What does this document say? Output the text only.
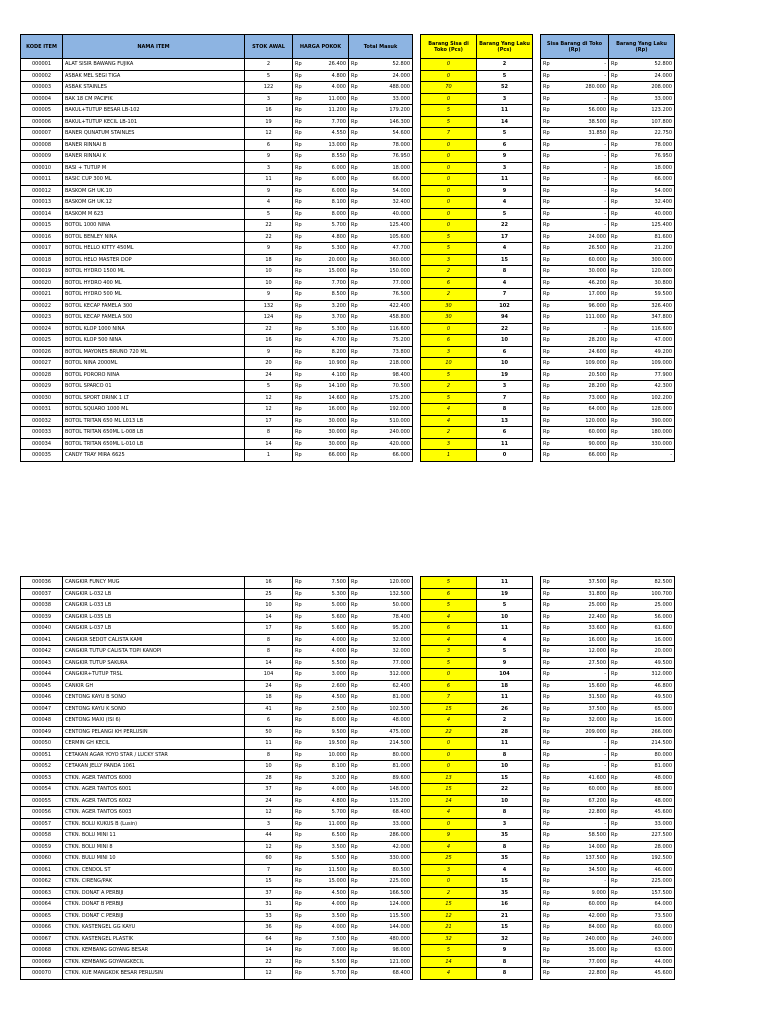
KODE ITEM	NAMA ITEM	STOK AWAL	HARGA POKOK		Total Masuk			Barang Sisa di Toko (Pcs)	Barang Yang Laku (Pcs)		Sisa Barang di Toko (Rp)		Barang Yang Laku (Rp)	
000001	ALAT SISIR BAWANG FUJIKA	2	Rp	26.400	Rp	52.800		0	2		Rp	-	Rp	52.800
000002	ASBAK MEL SEGI TIGA	5	Rp	4.800	Rp	24.000		0	5		Rp	-	Rp	24.000
000003	ASBAK STAINLES	122	Rp	4.000	Rp	488.000		70	52		Rp	280.000	Rp	208.000
000004	BAK 18 CM PACIFIK	3	Rp	11.000	Rp	33.000		0	3		Rp	-	Rp	33.000
000005	BAKUL+TUTUP BESAR LB-102	16	Rp	11.200	Rp	179.200		5	11		Rp	56.000	Rp	123.200
000006	BAKUL+TUTUP KECIL LB-101	19	Rp	7.700	Rp	146.300		5	14		Rp	38.500	Rp	107.800
000007	BANER QUNATUM STAINLES	12	Rp	4.550	Rp	54.600		7	5		Rp	31.850	Rp	22.750
000008	BANER RINNAI B	6	Rp	13.000	Rp	78.000		0	6		Rp	-	Rp	78.000
000009	BANER RINNAI K	9	Rp	8.550	Rp	76.950		0	9		Rp	-	Rp	76.950
000010	BASI + TUTUP M	3	Rp	6.000	Rp	18.000		0	3		Rp	-	Rp	18.000
000011	BASIC CUP 300 ML	11	Rp	6.000	Rp	66.000		0	11		Rp	-	Rp	66.000
000012	BASKOM GH UK.10	9	Rp	6.000	Rp	54.000		0	9		Rp	-	Rp	54.000
000013	BASKOM GH UK.12	4	Rp	8.100	Rp	32.400		0	4		Rp	-	Rp	32.400
000014	BASKOM M 623	5	Rp	8.000	Rp	40.000		0	5		Rp	-	Rp	40.000
000015	BOTOL 1000 NINA	22	Rp	5.700	Rp	125.400		0	22		Rp	-	Rp	125.400
000016	BOTOL BENLEY NINA	22	Rp	4.800	Rp	105.600		5	17		Rp	24.000	Rp	81.600
000017	BOTOL HELLO KITTY 450ML	9	Rp	5.300	Rp	47.700		5	4		Rp	26.500	Rp	21.200
000018	BOTOL HELO MASTER DOP	18	Rp	20.000	Rp	360.000		3	15		Rp	60.000	Rp	300.000
000019	BOTOL HYDRO 1500 ML	10	Rp	15.000	Rp	150.000		2	8		Rp	30.000	Rp	120.000
000020	BOTOL HYDRO 400 ML	10	Rp	7.700	Rp	77.000		6	4		Rp	46.200	Rp	30.800
000021	BOTOL HYDRO 500 ML	9	Rp	8.500	Rp	76.500		2	7		Rp	17.000	Rp	59.500
000022	BOTOL KECAP FAMELA 300	132	Rp	3.200	Rp	422.400		30	102		Rp	96.000	Rp	326.400
000023	BOTOL KECAP FAMELA 500	124	Rp	3.700	Rp	458.800		30	94		Rp	111.000	Rp	347.800
000024	BOTOL KLOP 1000 NINA	22	Rp	5.300	Rp	116.600		0	22		Rp	-	Rp	116.600
000025	BOTOL KLOP 500 NINA	16	Rp	4.700	Rp	75.200		6	10		Rp	28.200	Rp	47.000
000026	BOTOL MAYONES BRUNO 720 ML	9	Rp	8.200	Rp	73.800		3	6		Rp	24.600	Rp	49.200
000027	BOTOL NINA 2000ML	20	Rp	10.900	Rp	218.000		10	10		Rp	109.000	Rp	109.000
000028	BOTOL PORORO NINA	24	Rp	4.100	Rp	98.400		5	19		Rp	20.500	Rp	77.900
000029	BOTOL SPARCO 01	5	Rp	14.100	Rp	70.500		2	3		Rp	28.200	Rp	42.300
000030	BOTOL SPORT DRINK 1 LT	12	Rp	14.600	Rp	175.200		5	7		Rp	73.000	Rp	102.200
000031	BOTOL SQUARO 1000 ML	12	Rp	16.000	Rp	192.000		4	8		Rp	64.000	Rp	128.000
000032	BOTOL TRITAN 650 ML L013 LB	17	Rp	30.000	Rp	510.000		4	13		Rp	120.000	Rp	390.000
000033	BOTOL TRITAN 650ML L-008 LB	8	Rp	30.000	Rp	240.000		2	6		Rp	60.000	Rp	180.000
000034	BOTOL TRITAN 650ML L-010 LB	14	Rp	30.000	Rp	420.000		3	11		Rp	90.000	Rp	330.000
000035	CANDY TRAY MIRA 6625	1	Rp	66.000	Rp	66.000		1	0		Rp	66.000	Rp	-
000036	CANGKIR FUNCY MUG	16	Rp	7.500	Rp	120.000		5	11		Rp	37.500	Rp	82.500
000037	CANGKIR L-032 LB	25	Rp	5.300	Rp	132.500		6	19		Rp	31.800	Rp	100.700
000038	CANGKIR L-033 LB	10	Rp	5.000	Rp	50.000		5	5		Rp	25.000	Rp	25.000
000039	CANGKIR L-035 LB	14	Rp	5.600	Rp	78.400		4	10		Rp	22.400	Rp	56.000
000040	CANGKIR L-037 LB	17	Rp	5.600	Rp	95.200		6	11		Rp	33.600	Rp	61.600
000041	CANGKIR SEDOT CALISTA KAMI	8	Rp	4.000	Rp	32.000		4	4		Rp	16.000	Rp	16.000
000042	CANGKIR TUTUP CALISTA TOPI KANOPI	8	Rp	4.000	Rp	32.000		3	5		Rp	12.000	Rp	20.000
000043	CANGKIR TUTUP SAKURA	14	Rp	5.500	Rp	77.000		5	9		Rp	27.500	Rp	49.500
000044	CANGKIR+TUTUP TRSL	104	Rp	3.000	Rp	312.000		0	104		Rp	-	Rp	312.000
000045	CANKIR GH	24	Rp	2.600	Rp	62.400		6	18		Rp	15.600	Rp	46.800
000046	CENTONG KAYU B SONO	18	Rp	4.500	Rp	81.000		7	11		Rp	31.500	Rp	49.500
000047	CENTONG KAYU K SONO	41	Rp	2.500	Rp	102.500		15	26		Rp	37.500	Rp	65.000
000048	CENTONG MAXI (ISI 6)	6	Rp	8.000	Rp	48.000		4	2		Rp	32.000	Rp	16.000
000049	CENTONG PELANGI KH PERLUSIN	50	Rp	9.500	Rp	475.000		22	28		Rp	209.000	Rp	266.000
000050	CERMIN GH KECIL	11	Rp	19.500	Rp	214.500		0	11		Rp	-	Rp	214.500
000051	CETAKAN AGAR YOYO STAR / LUCKY STAR	8	Rp	10.000	Rp	80.000		0	8		Rp	-	Rp	80.000
000052	CETAKAN JELLY PANDA 1061	10	Rp	8.100	Rp	81.000		0	10		Rp	-	Rp	81.000
000053	CTKN. AGER TANTOS 6000	28	Rp	3.200	Rp	89.600		13	15		Rp	41.600	Rp	48.000
000054	CTKN. AGER TANTOS 6001	37	Rp	4.000	Rp	148.000		15	22		Rp	60.000	Rp	88.000
000055	CTKN. AGER TANTOS 6002	24	Rp	4.800	Rp	115.200		14	10		Rp	67.200	Rp	48.000
000056	CTKN. AGER TANTOS 6003	12	Rp	5.700	Rp	68.400		4	8		Rp	22.800	Rp	45.600
000057	CTKN. BOLU KUKUS B (Lusin)	3	Rp	11.000	Rp	33.000		0	3		Rp	-	Rp	33.000
000058	CTKN. BOLU MINI 11	44	Rp	6.500	Rp	286.000		9	35		Rp	58.500	Rp	227.500
000059	CTKN. BOLU MINI 8	12	Rp	3.500	Rp	42.000		4	8		Rp	14.000	Rp	28.000
000060	CTKN. BULU MINI 10	60	Rp	5.500	Rp	330.000		25	35		Rp	137.500	Rp	192.500
000061	CTKN. CENDOL ST	7	Rp	11.500	Rp	80.500		3	4		Rp	34.500	Rp	46.000
000062	CTKN. CIRENG/PAK	15	Rp	15.000	Rp	225.000		0	15		Rp	-	Rp	225.000
000063	CTKN. DONAT A PERBIJI	37	Rp	4.500	Rp	166.500		2	35		Rp	9.000	Rp	157.500
000064	CTKN. DONAT B PERBIJI	31	Rp	4.000	Rp	124.000		15	16		Rp	60.000	Rp	64.000
000065	CTKN. DONAT C PERBIJI	33	Rp	3.500	Rp	115.500		12	21		Rp	42.000	Rp	73.500
000066	CTKN. KASTENGEL GG KAYU	36	Rp	4.000	Rp	144.000		21	15		Rp	84.000	Rp	60.000
000067	CTKN. KASTENGEL PLASTIK	64	Rp	7.500	Rp	480.000		32	32		Rp	240.000	Rp	240.000
000068	CTKN. KEMBANG GOYANG BESAR	14	Rp	7.000	Rp	98.000		5	9		Rp	35.000	Rp	63.000
000069	CTKN. KEMBANG GOYANGKECIL	22	Rp	5.500	Rp	121.000		14	8		Rp	77.000	Rp	44.000
000070	CTKN. KUE MANGKOK BESAR PERLUSIN	12	Rp	5.700	Rp	68.400		4	8		Rp	22.800	Rp	45.600
